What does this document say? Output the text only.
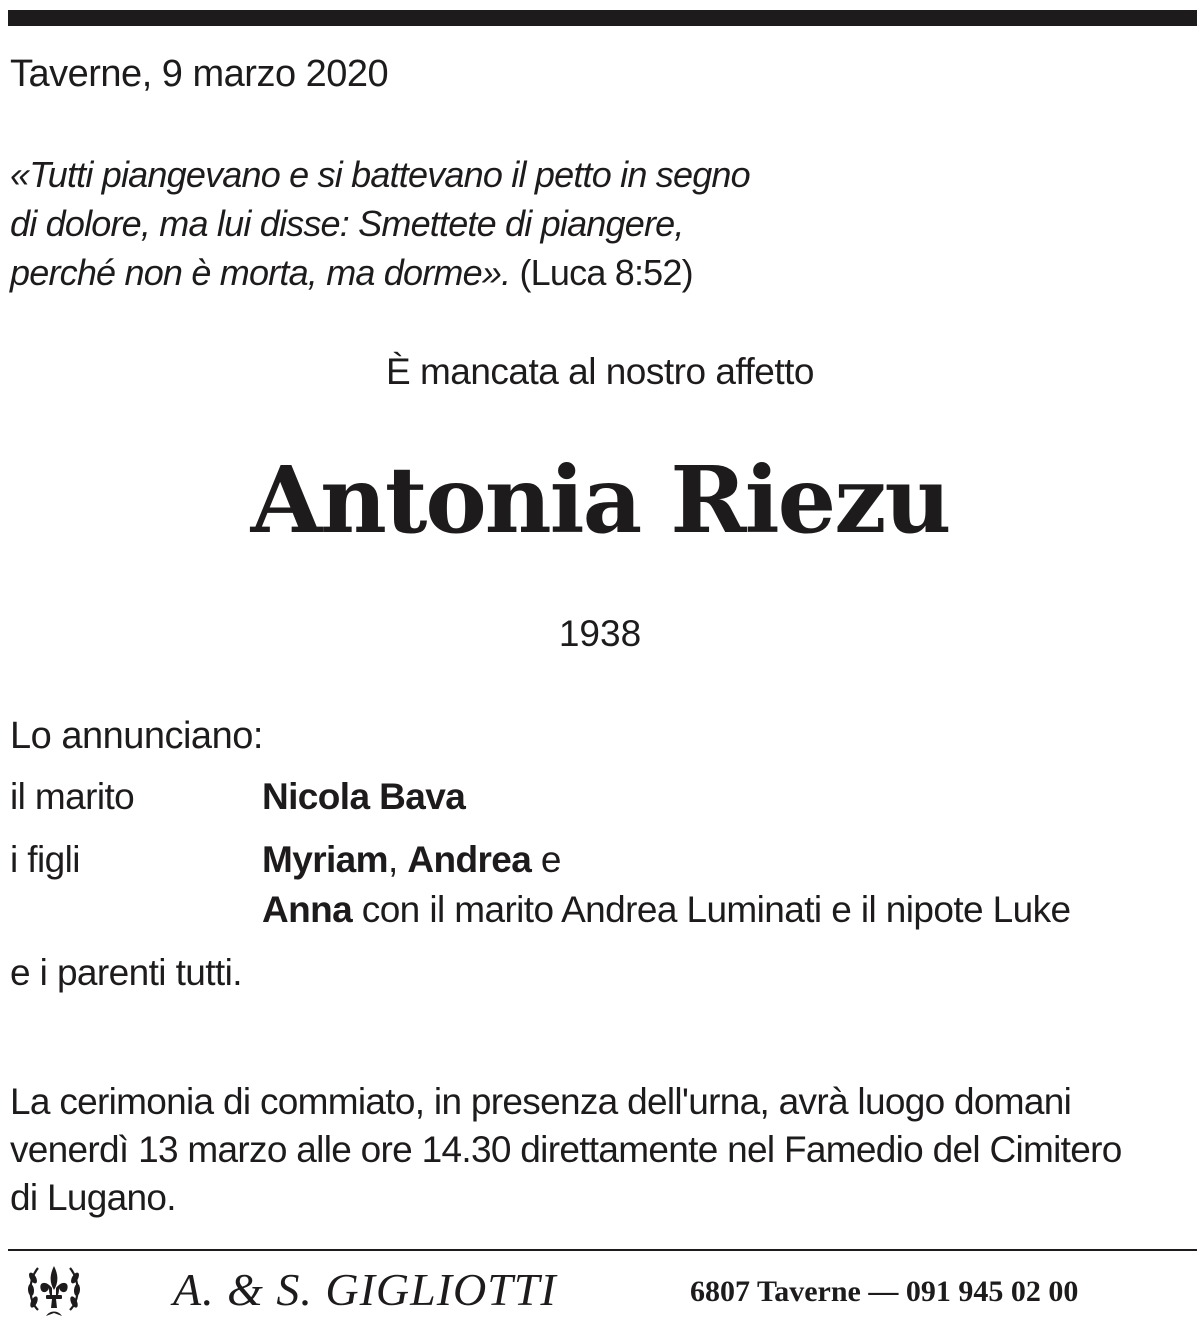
Taverne, 9 marzo 2020
«Tutti piangevano e si battevano il petto in segno
di dolore, ma lui disse: Smettete di piangere,
perché non è morta, ma dorme». (Luca 8:52)
È mancata al nostro affetto
Antonia Riezu
1938
Lo annunciano:
il marito	Nicola Bava
i figli	Myriam, Andrea e
Anna con il marito Andrea Luminati e il nipote Luke
e i parenti tutti.
La cerimonia di commiato, in presenza dell'urna, avrà luogo domani
venerdì 13 marzo alle ore 14.30 direttamente nel Famedio del Cimitero
di Lugano.
A. & S. GIGLIOTTI	6807 Taverne — 091 945 02 00
